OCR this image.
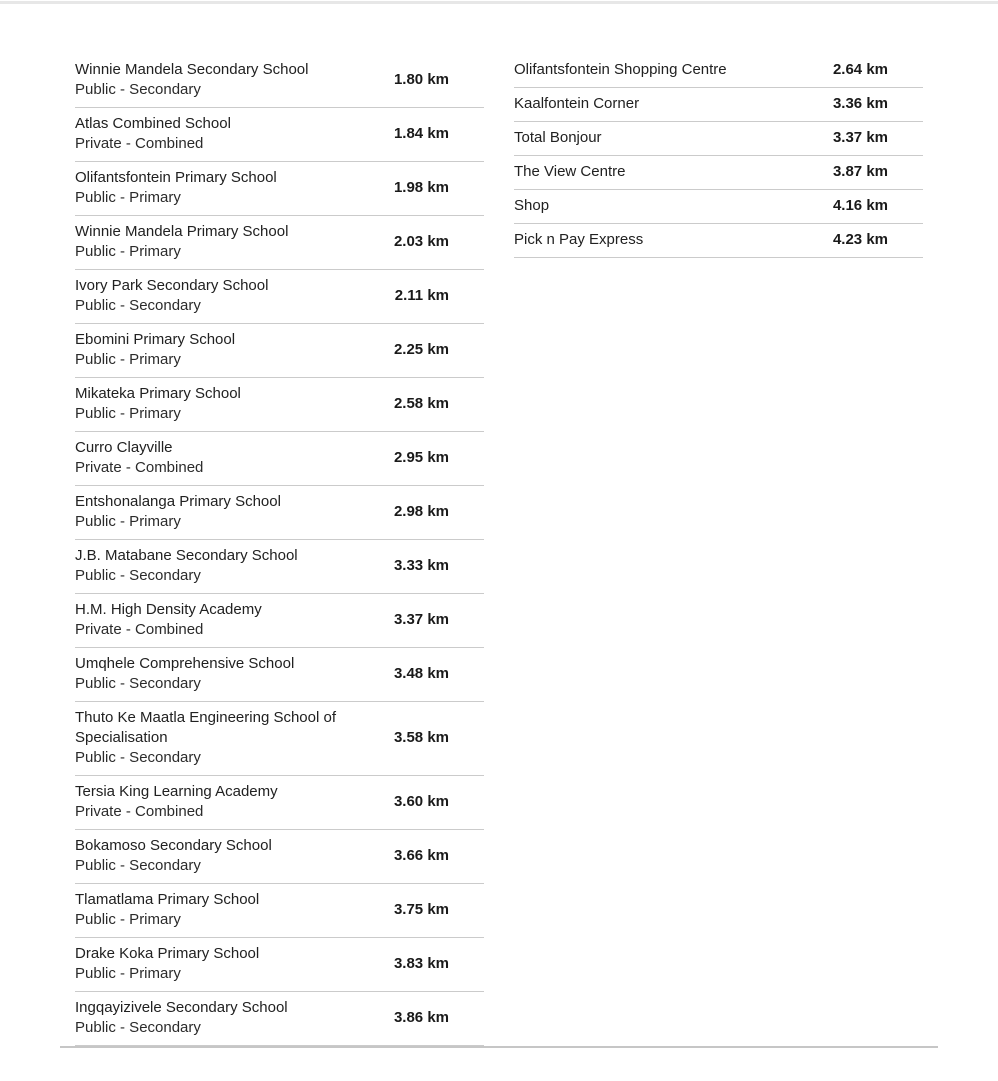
Winnie Mandela Secondary School
Public - Secondary
1.80 km
Atlas Combined School
Private - Combined
1.84 km
Olifantsfontein Primary School
Public - Primary
1.98 km
Winnie Mandela Primary School
Public - Primary
2.03 km
Ivory Park Secondary School
Public - Secondary
2.11 km
Ebomini Primary School
Public - Primary
2.25 km
Mikateka Primary School
Public - Primary
2.58 km
Curro Clayville
Private - Combined
2.95 km
Entshonalanga Primary School
Public - Primary
2.98 km
J.B. Matabane Secondary School
Public - Secondary
3.33 km
H.M. High Density Academy
Private - Combined
3.37 km
Umqhele Comprehensive School
Public - Secondary
3.48 km
Thuto Ke Maatla Engineering School of Specialisation
Public - Secondary
3.58 km
Tersia King Learning Academy
Private - Combined
3.60 km
Bokamoso Secondary School
Public - Secondary
3.66 km
Tlamatlama Primary School
Public - Primary
3.75 km
Drake Koka Primary School
Public - Primary
3.83 km
Ingqayizivele Secondary School
Public - Secondary
3.86 km
Olifantsfontein Shopping Centre	2.64 km
Kaalfontein Corner	3.36 km
Total Bonjour	3.37 km
The View Centre	3.87 km
Shop	4.16 km
Pick n Pay Express	4.23 km
